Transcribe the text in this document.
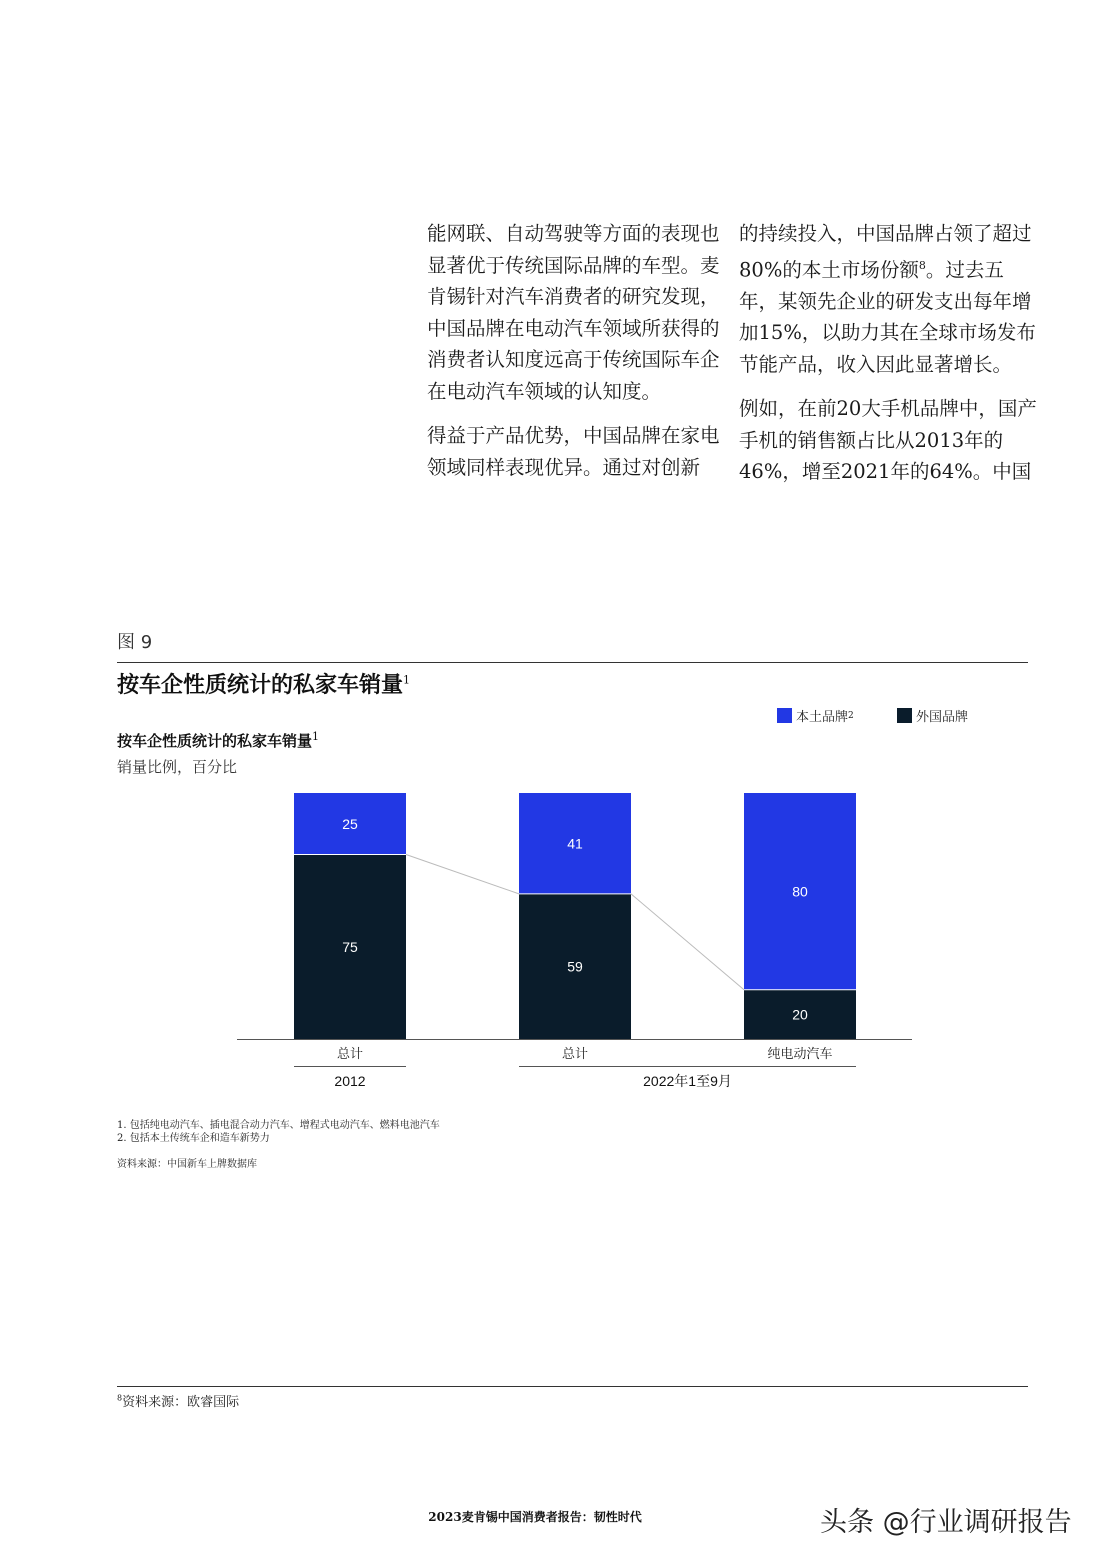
能网联、自动驾驶等方面的表现也显著优于传统国际品牌的车型。麦肯锡针对汽车消费者的研究发现，中国品牌在电动汽车领域所获得的消费者认知度远高于传统国际车企在电动汽车领域的认知度。

得益于产品优势，中国品牌在家电领域同样表现优异。通过对创新

的持续投入，中国品牌占领了超过80%的本土市场份额$^8$。过去五年，某领先企业的研发支出每年增加15%，以助力其在全球市场发布节能产品，收入因此显著增长。

例如，在前20大手机品牌中，国产手机的销售额占比从2013年的46%，增至2021年的64%。中国

图 9
按车企性质统计的私家车销量$^1$
按车企性质统计的私家车销量$^1$
销量比例，百分比
本土品牌 2	外国品牌
25
75
总计
41
59
总计
80
20
纯电动汽车
2012	2022年1至9月
1. 包括纯电动汽车、插电混合动力汽车、增程式电动汽车、燃料电池汽车
2. 包括本土传统车企和造车新势力
资料来源：中国新车上牌数据库
$^8$资料来源：欧睿国际
2023麦肯锡中国消费者报告：韧性时代	头条 @行业调研报告
